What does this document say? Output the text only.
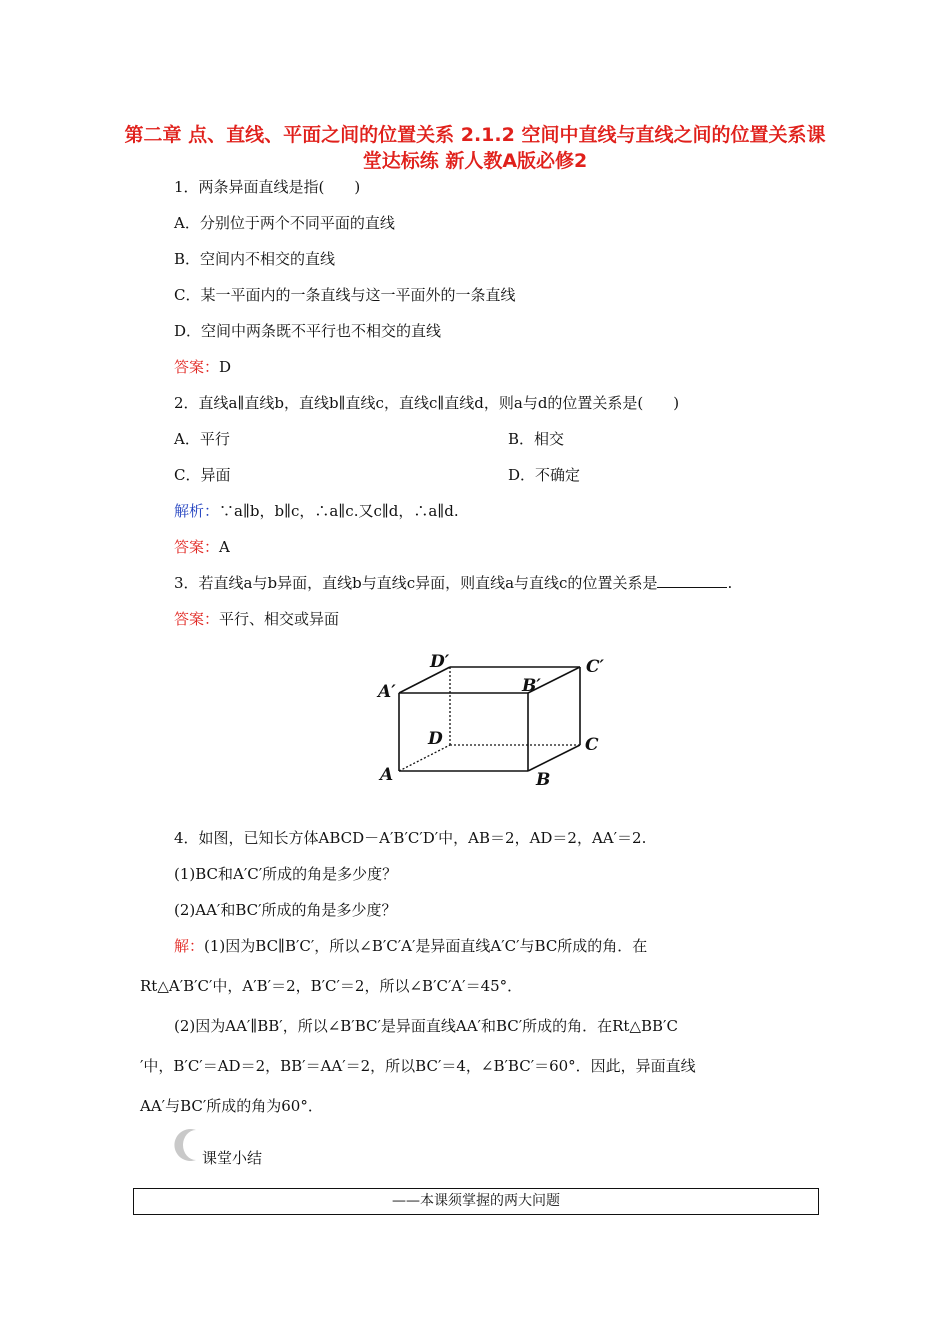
第二章 点、直线、平面之间的位置关系 2.1.2 空间中直线与直线之间的位置关系课堂达标练 新人教A版必修2
1．两条异面直线是指(　　)
A．分别位于两个不同平面的直线
B．空间内不相交的直线
C．某一平面内的一条直线与这一平面外的一条直线
D．空间中两条既不平行也不相交的直线
答案：D
2．直线a∥直线b，直线b∥直线c，直线c∥直线d，则a与d的位置关系是(　　)
A．平行	B．相交
C．异面	D．不确定
解析：∵a∥b，b∥c，∴a∥c.又c∥d，∴a∥d.
答案：A
3．若直线a与b异面，直线b与直线c异面，则直线a与直线c的位置关系是	.
答案：平行、相交或异面
A′
D′
B′
C′
D	C
A	B
4．如图，已知长方体ABCD－A′B′C′D′中，AB＝2，AD＝2，AA′＝2.
(1)BC和A′C′所成的角是多少度？
(2)AA′和BC′所成的角是多少度？
解：(1)因为BC∥B′C′，所以∠B′C′A′是异面直线A′C′与BC所成的角．在
Rt△A′B′C′中，A′B′＝2，B′C′＝2，所以∠B′C′A′＝45°．
(2)因为AA′∥BB′，所以∠B′BC′是异面直线AA′和BC′所成的角．在Rt△BB′C
′中，B′C′＝AD＝2，BB′＝AA′＝2，所以BC′＝4，∠B′BC′＝60°．因此，异面直线
AA′与BC′所成的角为60°．
课堂小结
——本课须掌握的两大问题
